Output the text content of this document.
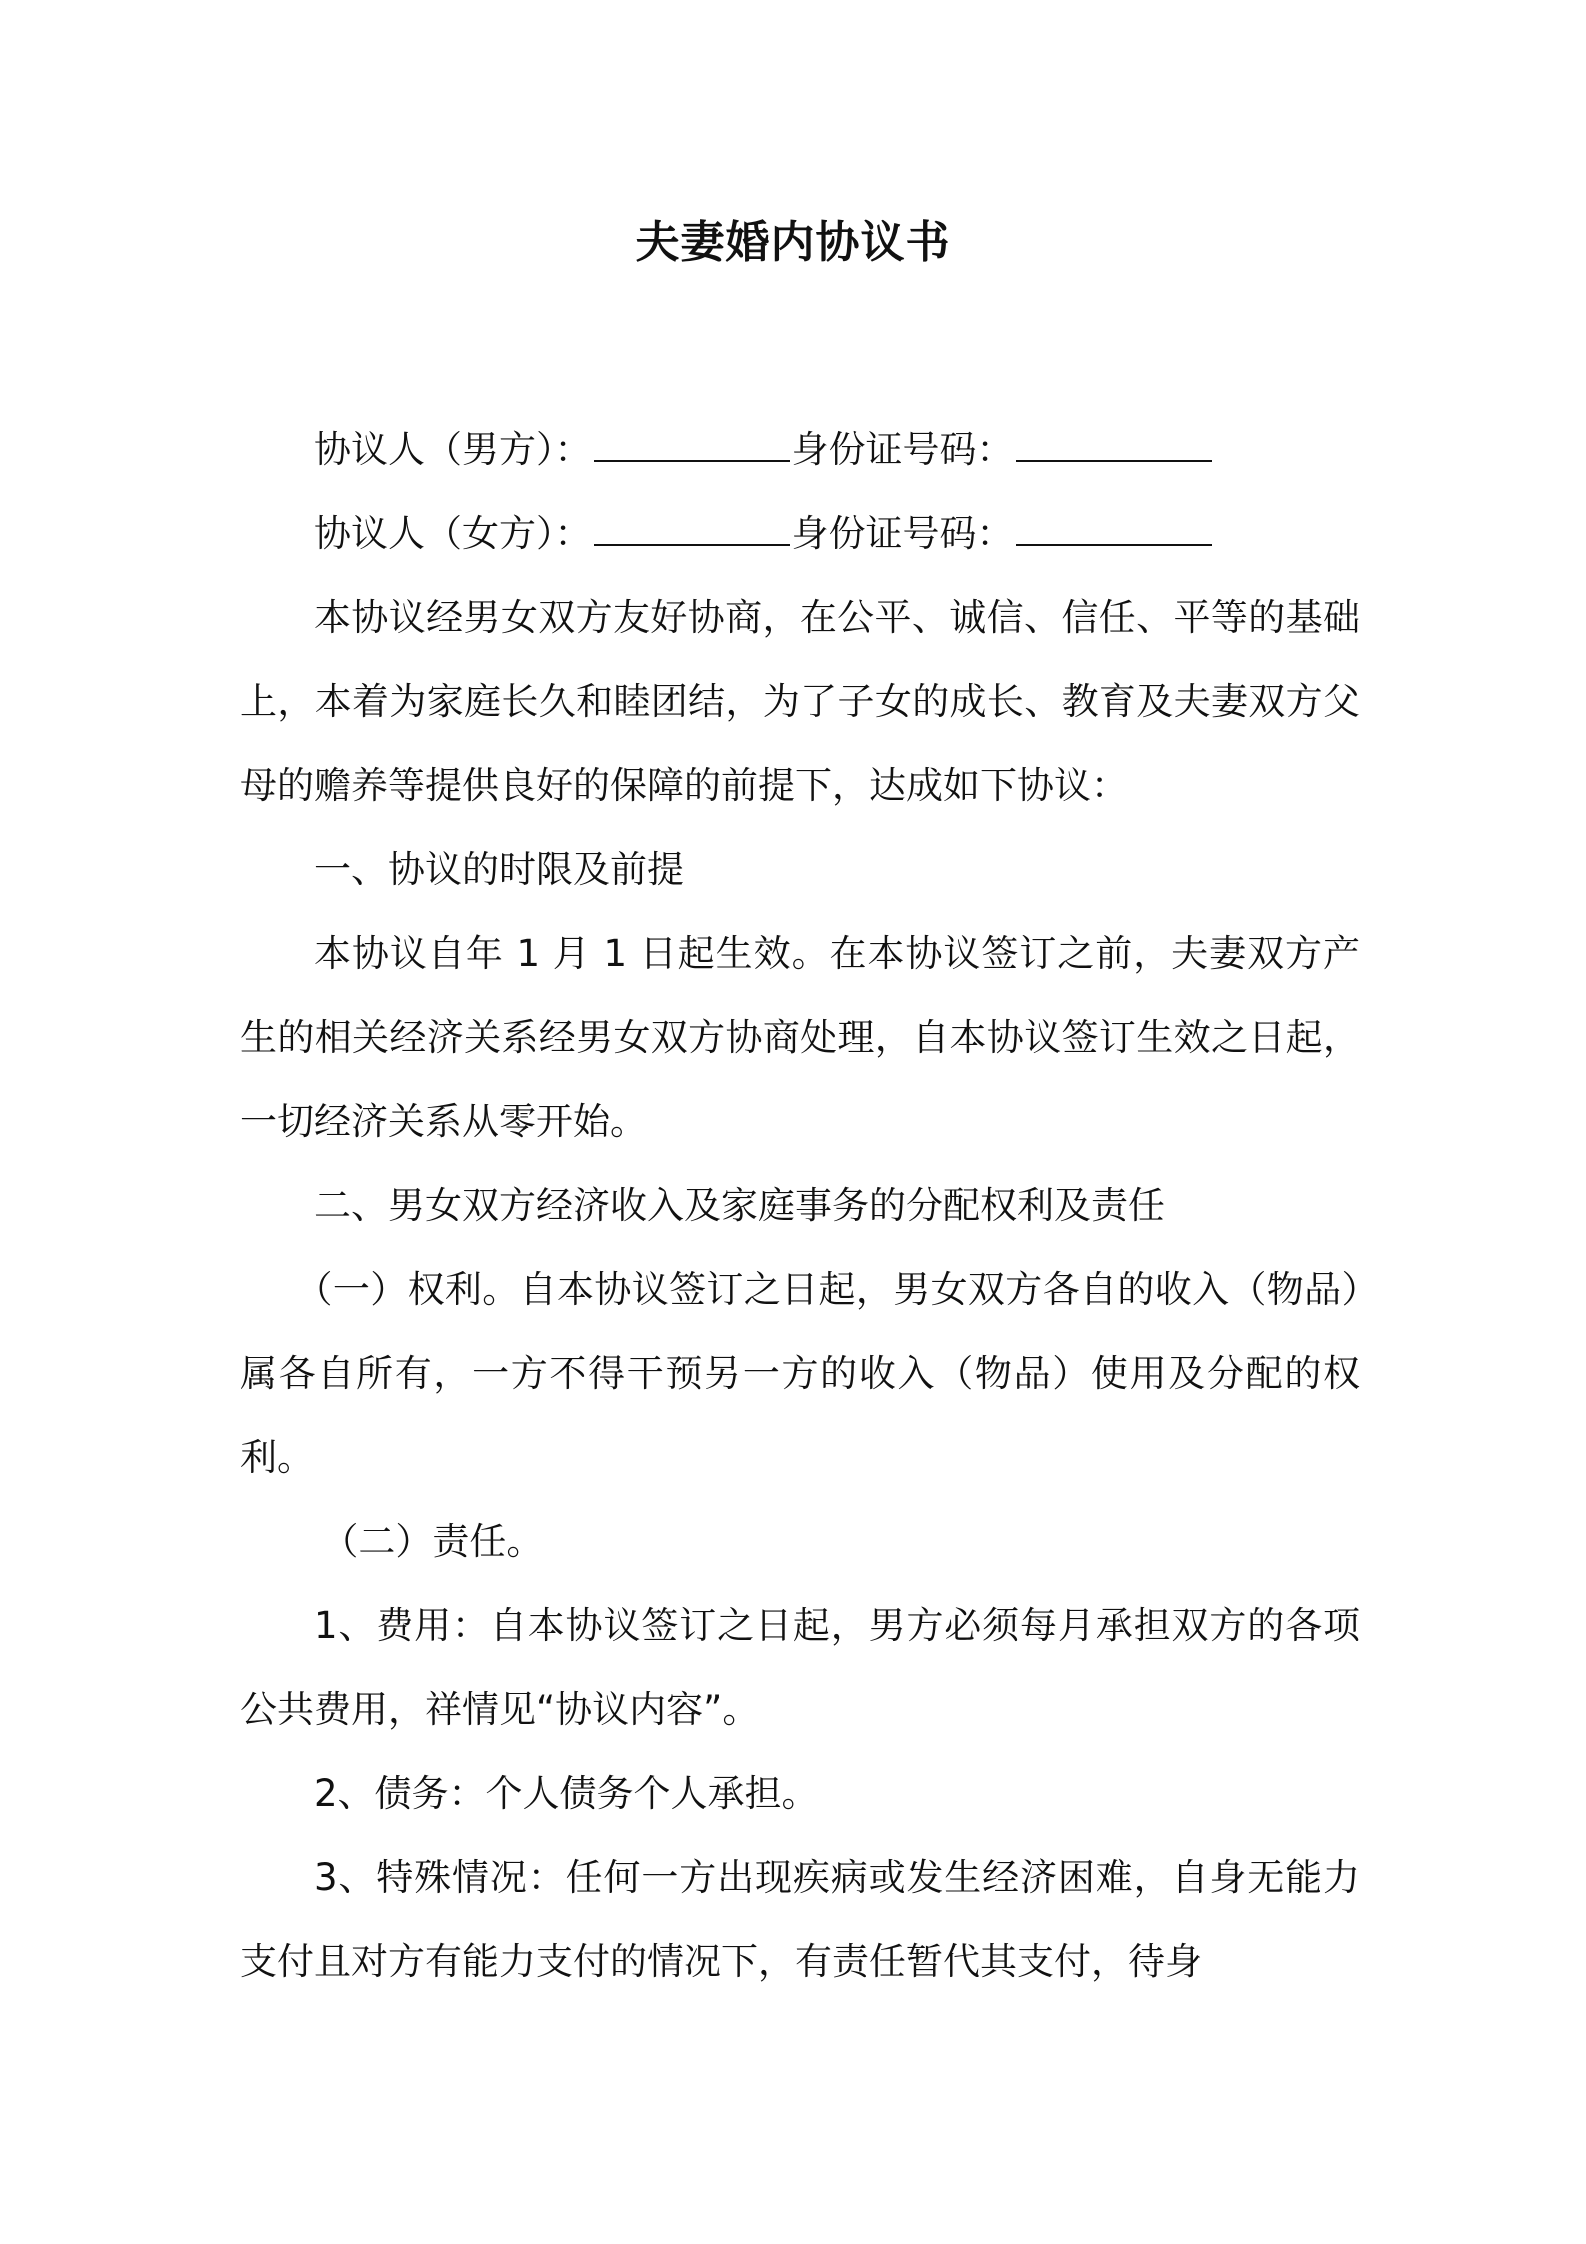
夫妻婚内协议书

协议人（男方）：	身份证号码：

协议人（女方）：	身份证号码：

本协议经男女双方友好协商，在公平、诚信、信任、平等的基础上，本着为家庭长久和睦团结，为了子女的成长、教育及夫妻双方父母的赡养等提供良好的保障的前提下，达成如下协议：

一、协议的时限及前提

本协议自年 1 月 1 日起生效。在本协议签订之前，夫妻双方产生的相关经济关系经男女双方协商处理，自本协议签订生效之日起，一切经济关系从零开始。

二、男女双方经济收入及家庭事务的分配权利及责任

（一）权利。自本协议签订之日起，男女双方各自的收入（物品）属各自所有，一方不得干预另一方的收入（物品）使用及分配的权利。

（二）责任。

1、费用：自本协议签订之日起，男方必须每月承担双方的各项公共费用，祥情见“协议内容”。

2、债务：个人债务个人承担。

3、特殊情况：任何一方出现疾病或发生经济困难，自身无能力支付且对方有能力支付的情况下，有责任暂代其支付，待身
